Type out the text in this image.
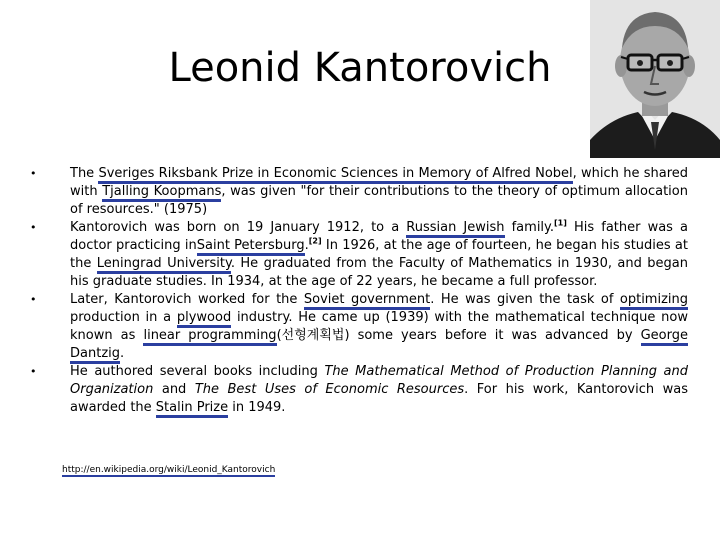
Leonid Kantorovich
• The Sveriges Riksbank Prize in Economic Sciences in Memory of Alfred Nobel, which he shared with Tjalling Koopmans, was given "for their contributions to the theory of optimum allocation of resources." (1975)
• Kantorovich was born on 19 January 1912, to a Russian Jewish family.[1] His father was a doctor practicing inSaint Petersburg.[2] In 1926, at the age of fourteen, he began his studies at the Leningrad University. He graduated from the Faculty of Mathematics in 1930, and began his graduate studies. In 1934, at the age of 22 years, he became a full professor.
• Later, Kantorovich worked for the Soviet government. He was given the task of optimizing production in a plywood industry. He came up (1939) with the mathematical technique now known as linear programming(선형계획법) some years before it was advanced by George Dantzig.
• He authored several books including The Mathematical Method of Production Planning and Organization and The Best Uses of Economic Resources. For his work, Kantorovich was awarded the Stalin Prize in 1949.
http://en.wikipedia.org/wiki/Leonid_Kantorovich
